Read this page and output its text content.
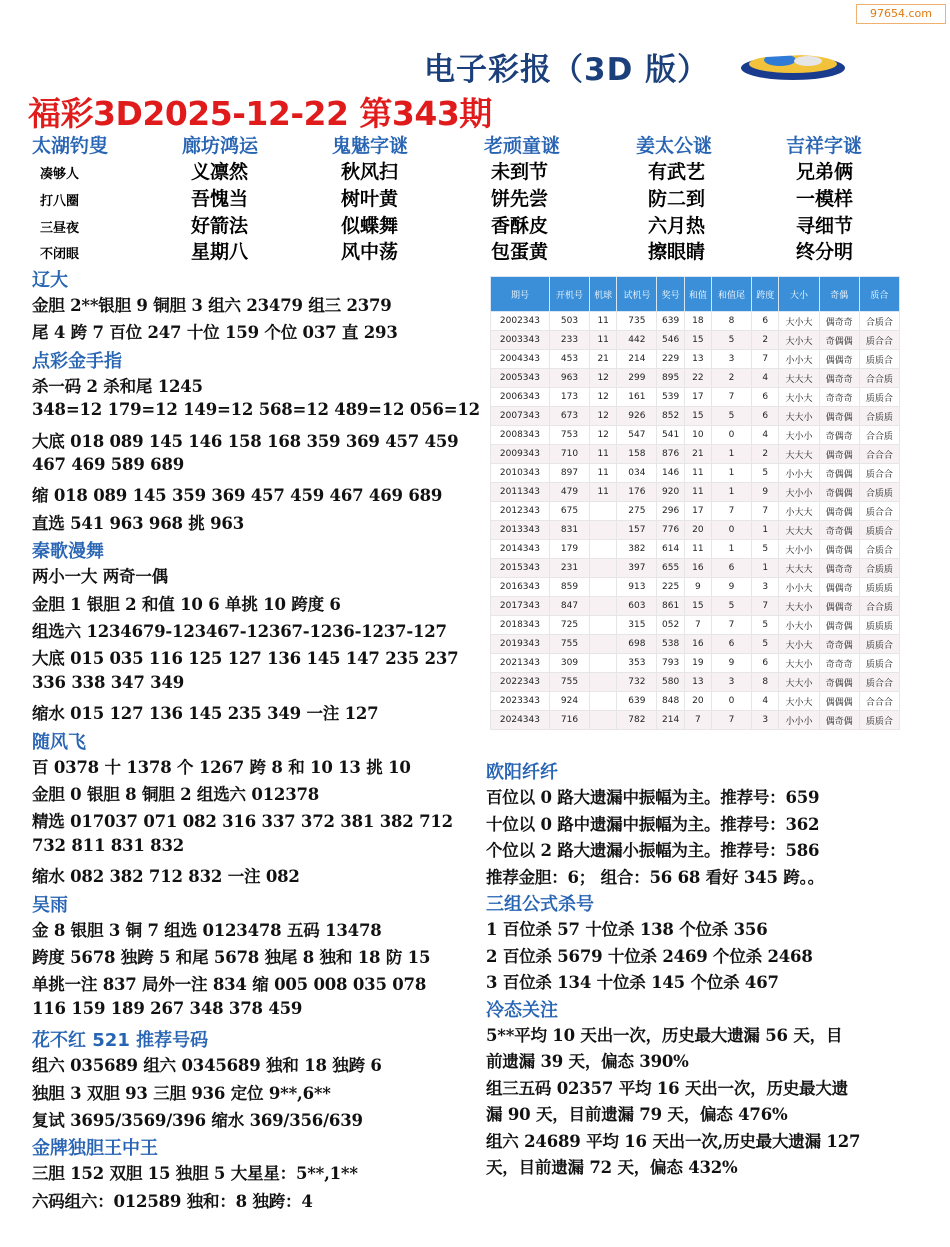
97654.com
电子彩报（3D 版）
福彩3D2025-12-22 第343期
太湖钓叟	廊坊鸿运	鬼魅字谜	老顽童谜	姜太公谜	吉祥字谜
凑够人	义凛然	秋风扫	未到节	有武艺	兄弟俩
打八圈	吾愧当	树叶黄	饼先尝	防二到	一模样
三昼夜	好箭法	似蝶舞	香酥皮	六月热	寻细节
不闭眼	星期八	风中荡	包蛋黄	擦眼睛	终分明
辽大
金胆 2**银胆 9 铜胆 3 组六 23479 组三 2379
尾 4 跨 7 百位 247 十位 159 个位 037 直 293
点彩金手指
杀一码 2 杀和尾 1245
348=12 179=12 149=12 568=12 489=12 056=12
大底 018 089 145 146 158 168 359 369 457 459
467 469 589 689
缩 018 089 145 359 369 457 459 467 469 689
直选 541 963 968 挑 963
秦歌漫舞
两小一大 两奇一偶
金胆 1 银胆 2 和值 10 6 单挑 10 跨度 6
组选六 1234679-123467-12367-1236-1237-127
大底 015 035 116 125 127 136 145 147 235 237
336 338 347 349
缩水 015 127 136 145 235 349 一注 127
随风飞
百 0378 十 1378 个 1267 跨 8 和 10 13 挑 10
金胆 0 银胆 8 铜胆 2 组选六 012378
精选 017037 071 082 316 337 372 381 382 712
732 811 831 832
缩水 082 382 712 832 一注 082
吴雨
金 8 银胆 3 铜 7 组选 0123478 五码 13478
跨度 5678 独跨 5 和尾 5678 独尾 8 独和 18 防 15
单挑一注 837 局外一注 834 缩 005 008 035 078
116 159 189 267 348 378 459
花不红 521 推荐号码
组六 035689 组六 0345689 独和 18 独跨 6
独胆 3 双胆 93 三胆 936 定位 9**,6**
复试 3695/3569/396 缩水 369/356/639
金牌独胆王中王
三胆 152 双胆 15 独胆 5 大星星：5**,1**
六码组六：012589 独和：8 独跨：4
欧阳纤纤
百位以 0 路大遗漏中振幅为主。推荐号：659
十位以 0 路中遗漏中振幅为主。推荐号：362
个位以 2 路大遗漏小振幅为主。推荐号：586
推荐金胆：6； 组合：56 68 看好 345 跨。。
三组公式杀号
1 百位杀 57 十位杀 138 个位杀 356
2 百位杀 5679 十位杀 2469 个位杀 2468
3 百位杀 134 十位杀 145 个位杀 467
冷态关注
5**平均 10 天出一次，历史最大遗漏 56 天，目
前遗漏 39 天，偏态 390%
组三五码 02357 平均 16 天出一次，历史最大遗
漏 90 天，目前遗漏 79 天，偏态 476%
组六 24689 平均 16 天出一次,历史最大遗漏 127
天，目前遗漏 72 天，偏态 432%
期号	开机号	机球	试机号	奖号	和值	和值尾	跨度	大小	奇偶	质合
2002343	503	11	735	639	18	8	6	大小大	偶奇奇	合质合
2003343	233	11	442	546	15	5	2	大小大	奇偶偶	质合合
2004343	453	21	214	229	13	3	7	小小大	偶偶奇	质质合
2005343	963	12	299	895	22	2	4	大大大	偶奇奇	合合质
2006343	173	12	161	539	17	7	6	大小大	奇奇奇	质质合
2007343	673	12	926	852	15	5	6	大大小	偶奇偶	合质质
2008343	753	12	547	541	10	0	4	大小小	奇偶奇	合合质
2009343	710	11	158	876	21	1	2	大大大	偶奇偶	合合合
2010343	897	11	034	146	11	1	5	小小大	奇偶偶	质合合
2011343	479	11	176	920	11	1	9	大小小	奇偶偶	合质质
2012343	675		275	296	17	7	7	小大大	偶奇偶	质合合
2013343	831		157	776	20	0	1	大大大	奇奇偶	质质合
2014343	179		382	614	11	1	5	大小小	偶奇偶	合质合
2015343	231		397	655	16	6	1	大大大	偶奇奇	合质质
2016343	859		913	225	9	9	3	小小大	偶偶奇	质质质
2017343	847		603	861	15	5	7	大大小	偶偶奇	合合质
2018343	725		315	052	7	7	5	小大小	偶奇偶	质质质
2019343	755		698	538	16	6	5	大小大	奇奇偶	质质合
2021343	309		353	793	19	9	6	大大小	奇奇奇	质质合
2022343	755		732	580	13	3	8	大大小	奇偶偶	质合合
2023343	924		639	848	20	0	4	大小大	偶偶偶	合合合
2024343	716		782	214	7	7	3	小小小	偶奇偶	质质合
